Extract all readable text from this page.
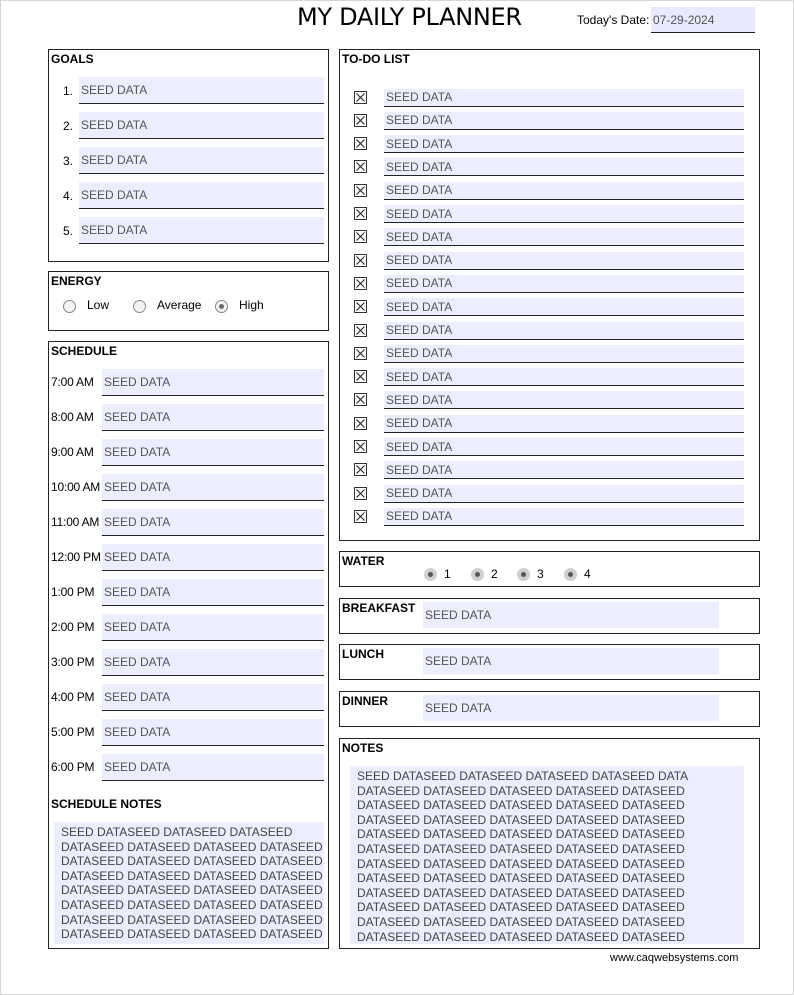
MY DAILY PLANNER	Today's Date: 07-29-2024
GOALS
1. SEED DATA
2. SEED DATA
3. SEED DATA
4. SEED DATA
5. SEED DATA
ENERGY
Low	Average	High
SCHEDULE
7:00 AM SEED DATA
8:00 AM SEED DATA
9:00 AM SEED DATA
10:00 AM SEED DATA
11:00 AM SEED DATA
12:00 PM SEED DATA
1:00 PM SEED DATA
2:00 PM SEED DATA
3:00 PM SEED DATA
4:00 PM SEED DATA
5:00 PM SEED DATA
6:00 PM SEED DATA
SCHEDULE NOTES
SEED DATASEED DATASEED DATASEED
DATASEED DATASEED DATASEED DATASEED
DATASEED DATASEED DATASEED DATASEED
DATASEED DATASEED DATASEED DATASEED
DATASEED DATASEED DATASEED DATASEED
DATASEED DATASEED DATASEED DATASEED
DATASEED DATASEED DATASEED DATASEED
DATASEED DATASEED DATASEED DATASEED
TO-DO LIST
SEED DATA
SEED DATA
SEED DATA
SEED DATA
SEED DATA
SEED DATA
SEED DATA
SEED DATA
SEED DATA
SEED DATA
SEED DATA
SEED DATA
SEED DATA
SEED DATA
SEED DATA
SEED DATA
SEED DATA
SEED DATA
SEED DATA
WATER
1	2	3	4
BREAKFAST SEED DATA
LUNCH	SEED DATA
DINNER	SEED DATA
NOTES
SEED DATASEED DATASEED DATASEED DATASEED DATA
DATASEED DATASEED DATASEED DATASEED DATASEED
DATASEED DATASEED DATASEED DATASEED DATASEED
DATASEED DATASEED DATASEED DATASEED DATASEED
DATASEED DATASEED DATASEED DATASEED DATASEED
DATASEED DATASEED DATASEED DATASEED DATASEED
DATASEED DATASEED DATASEED DATASEED DATASEED
DATASEED DATASEED DATASEED DATASEED DATASEED
DATASEED DATASEED DATASEED DATASEED DATASEED
DATASEED DATASEED DATASEED DATASEED DATASEED
DATASEED DATASEED DATASEED DATASEED DATASEED
DATASEED DATASEED DATASEED DATASEED DATASEED
www.caqwebsystems.com
